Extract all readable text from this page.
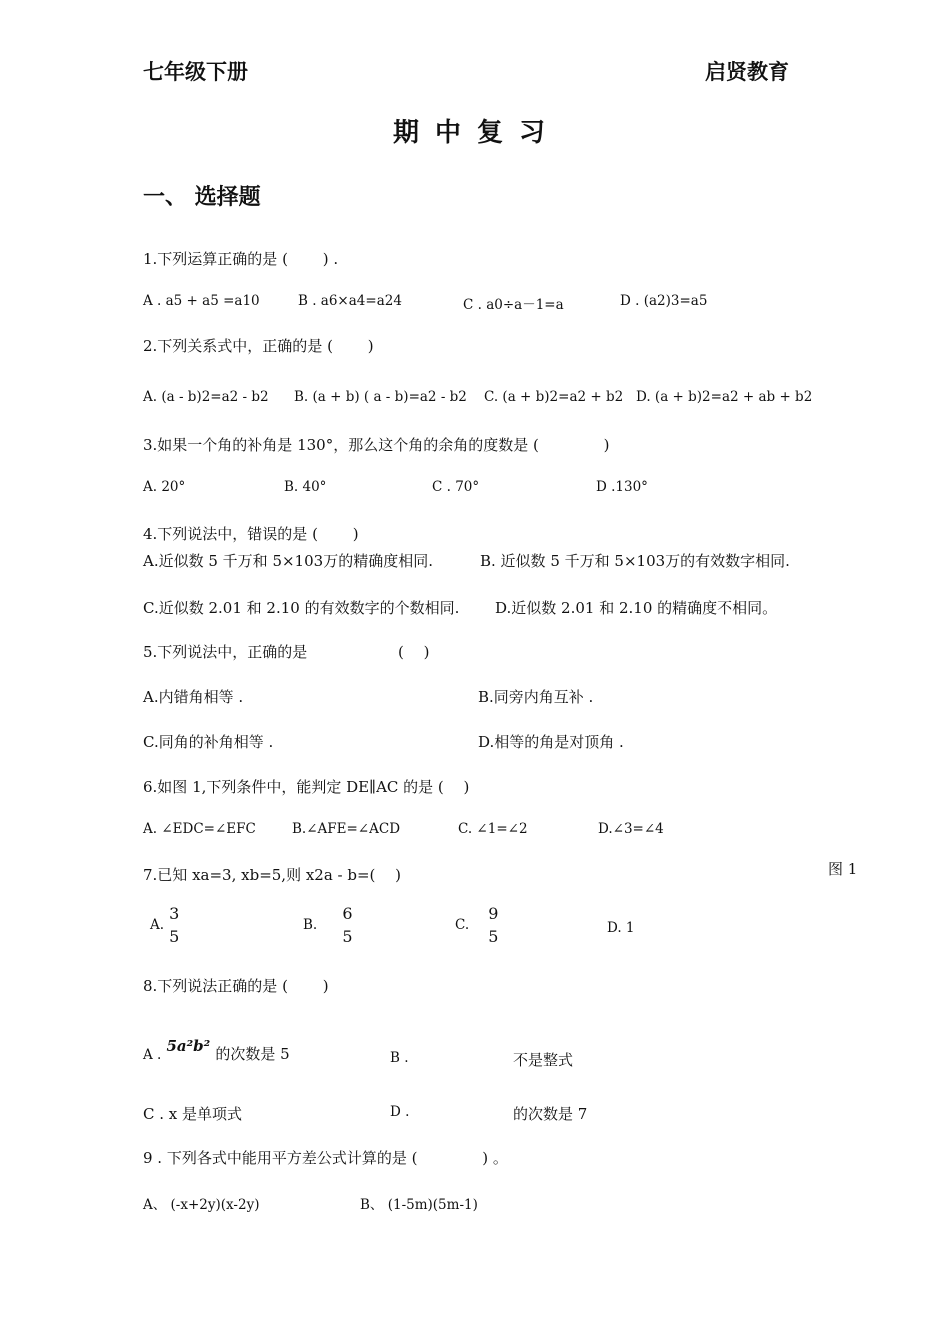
七年级下册	启贤教育
期中复习
一、 选择题
1.下列运算正确的是 (　　 ) .
A . a5 + a5 =a10	B . a6×a4=a24	C . a0÷a－1=a	D . (a2)3=a5
2.下列关系式中，正确的是 (　　 )
A. (a - b)2=a2 - b2 B. (a + b) ( a - b)=a2 - b2 C. (a + b)2=a2 + b2 D. (a + b)2=a2 + ab + b2
3.如果一个角的补角是 130°，那么这个角的余角的度数是 (　　　　 )
A. 20°	B. 40°	C . 70°	D .130°
4.下列说法中，错误的是 (　　 )
A.近似数 5 千万和 5×103万的精确度相同.	B. 近似数 5 千万和 5×103万的有效数字相同.
C.近似数 2.01 和 2.10 的有效数字的个数相同. D.近似数 2.01 和 2.10 的精确度不相同。
5.下列说法中，正确的是	(　 )
A.内错角相等 .	B.同旁内角互补 .
C.同角的补角相等 .	D.相等的角是对顶角 .
6.如图 1,下列条件中，能判定 DE∥AC 的是 (　 )
A. ∠EDC=∠EFC	B.∠AFE=∠ACD	C. ∠1=∠2	D.∠3=∠4
图 1
7.已知 xa=3, xb=5,则 x2a - b=(　 )
A.
3
5
B.
6
5
C.
9
5	D. 1
8.下列说法正确的是 (　　 )
A . 5a²b² 的次数是 5	B .	不是整式
C . x 是单项式	D .	的次数是 7
9 . 下列各式中能用平方差公式计算的是 (　　　　 ) 。
A、 (-x+2y)(x-2y)	B、 (1-5m)(5m-1)
